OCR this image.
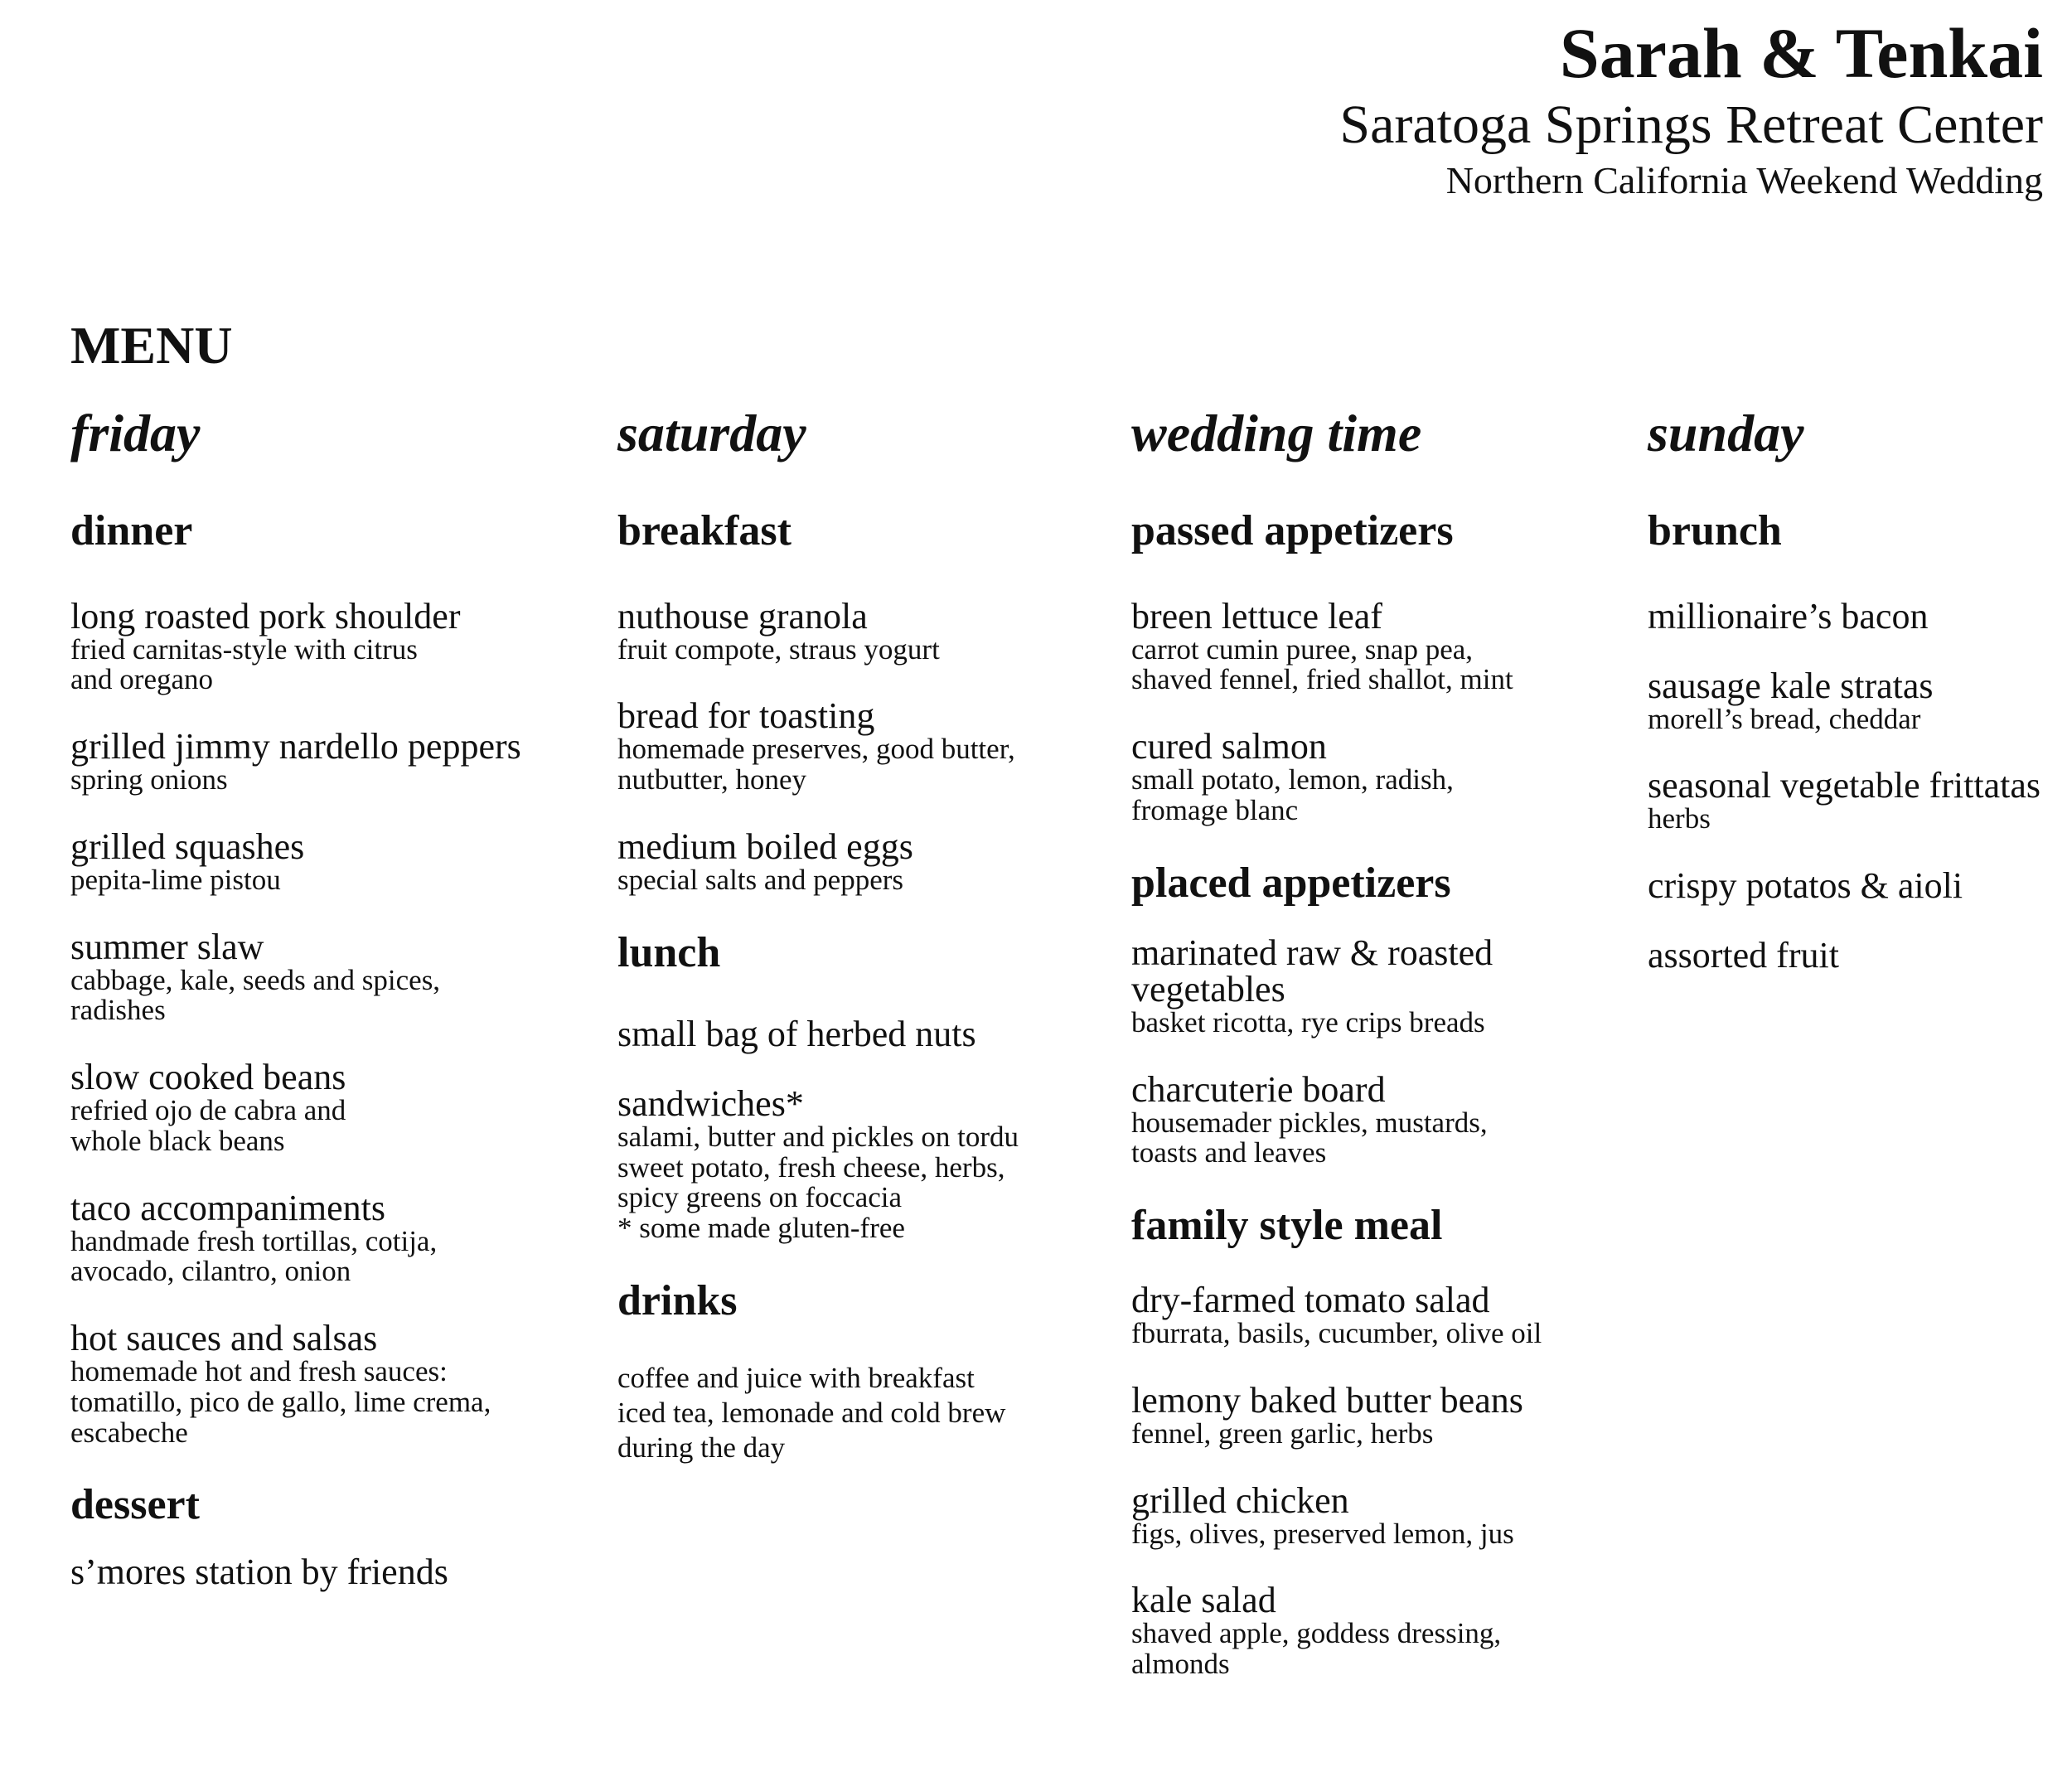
Sarah & Tenkai
Saratoga Springs Retreat Center
Northern California Weekend Wedding
MENU
friday
dinner
long roasted pork shoulder
fried carnitas-style with citrus
and oregano
grilled jimmy nardello peppers
spring onions
grilled squashes
pepita-lime pistou
summer slaw
cabbage, kale, seeds and spices,
radishes
slow cooked beans
refried ojo de cabra and
whole black beans
taco accompaniments
handmade fresh tortillas, cotija,
avocado, cilantro, onion
hot sauces and salsas
homemade hot and fresh sauces:
tomatillo, pico de gallo, lime crema,
escabeche
dessert
s’mores station by friends
saturday
breakfast
nuthouse granola
fruit compote, straus yogurt
bread for toasting
homemade preserves, good butter,
nutbutter, honey
medium boiled eggs
special salts and peppers
lunch
small bag of herbed nuts
sandwiches*
salami, butter and pickles on tordu
sweet potato, fresh cheese, herbs,
spicy greens on foccacia
* some made gluten-free
drinks
coffee and juice with breakfast
iced tea, lemonade and cold brew
during the day
wedding time
passed appetizers
breen lettuce leaf
carrot cumin puree, snap pea,
shaved fennel, fried shallot, mint
cured salmon
small potato, lemon, radish,
fromage blanc
placed appetizers
marinated raw & roasted
vegetables
basket ricotta, rye crips breads
charcuterie board
housemader pickles, mustards,
toasts and leaves
family style meal
dry-farmed tomato salad
fburrata, basils, cucumber, olive oil
lemony baked butter beans
fennel, green garlic, herbs
grilled chicken
figs, olives, preserved lemon, jus
kale salad
shaved apple, goddess dressing,
almonds
sunday
brunch
millionaire’s bacon
sausage kale stratas
morell’s bread, cheddar
seasonal vegetable frittatas
herbs
crispy potatos & aioli
assorted fruit
